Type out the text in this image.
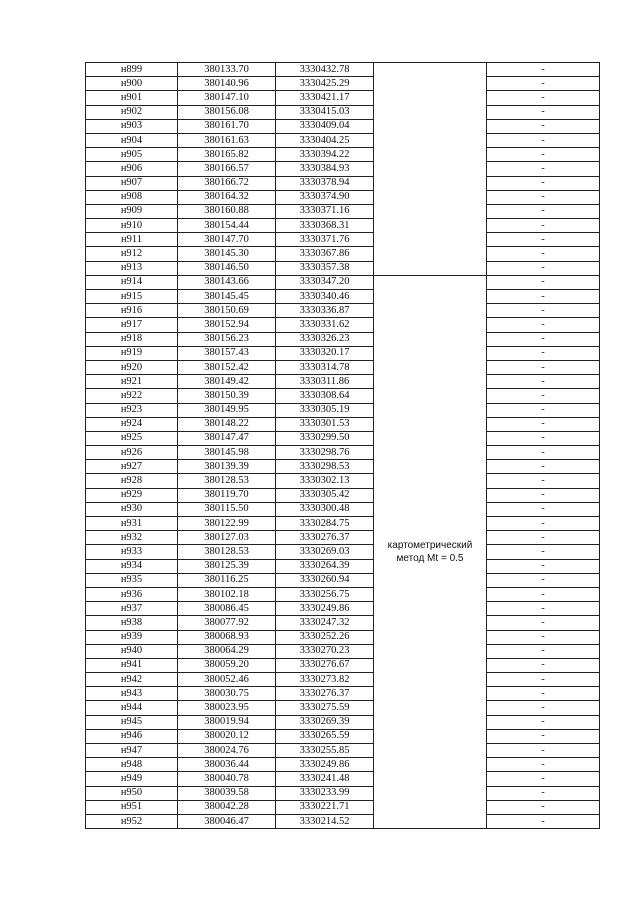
н899	380133.70	3330432.78		-
н900	380140.96	3330425.29		-
н901	380147.10	3330421.17		-
н902	380156.08	3330415.03		-
н903	380161.70	3330409.04		-
н904	380161.63	3330404.25		-
н905	380165.82	3330394.22		-
н906	380166.57	3330384.93		-
н907	380166.72	3330378.94		-
н908	380164.32	3330374.90		-
н909	380160.88	3330371.16		-
н910	380154.44	3330368.31		-
н911	380147.70	3330371.76		-
н912	380145.30	3330367.86		-
н913	380146.50	3330357.38		-
н914	380143.66	3330347.20	картометрический метод Mt = 0.5	-
н915	380145.45	3330340.46		-
н916	380150.69	3330336.87		-
н917	380152.94	3330331.62		-
н918	380156.23	3330326.23		-
н919	380157.43	3330320.17		-
н920	380152.42	3330314.78		-
н921	380149.42	3330311.86		-
н922	380150.39	3330308.64		-
н923	380149.95	3330305.19		-
н924	380148.22	3330301.53		-
н925	380147.47	3330299.50		-
н926	380145.98	3330298.76		-
н927	380139.39	3330298.53		-
н928	380128.53	3330302.13		-
н929	380119.70	3330305.42		-
н930	380115.50	3330300.48		-
н931	380122.99	3330284.75		-
н932	380127.03	3330276.37		-
н933	380128.53	3330269.03		-
н934	380125.39	3330264.39		-
н935	380116.25	3330260.94		-
н936	380102.18	3330256.75		-
н937	380086.45	3330249.86		-
н938	380077.92	3330247.32		-
н939	380068.93	3330252.26		-
н940	380064.29	3330270.23		-
н941	380059.20	3330276.67		-
н942	380052.46	3330273.82		-
н943	380030.75	3330276.37		-
н944	380023.95	3330275.59		-
н945	380019.94	3330269.39		-
н946	380020.12	3330265.59		-
н947	380024.76	3330255.85		-
н948	380036.44	3330249.86		-
н949	380040.78	3330241.48		-
н950	380039.58	3330233.99		-
н951	380042.28	3330221.71		-
н952	380046.47	3330214.52		-
